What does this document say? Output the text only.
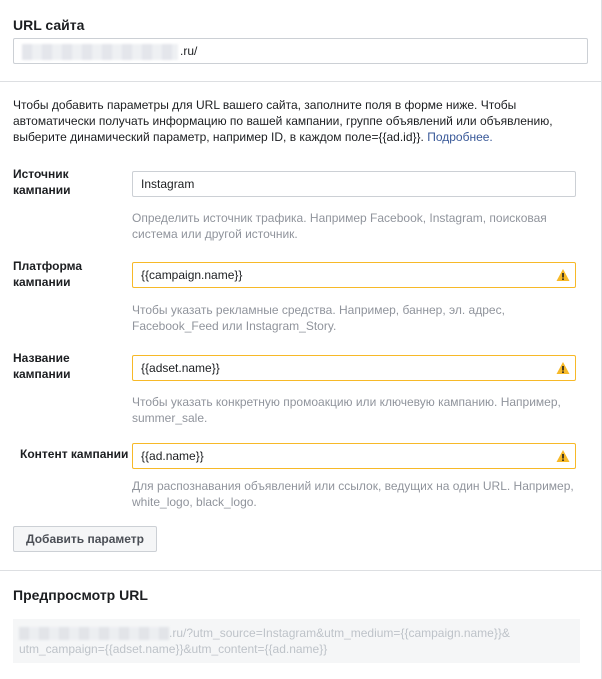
URL сайта
.ru/
Чтобы добавить параметры для URL вашего сайта, заполните поля в форме ниже. Чтобы автоматически получать информацию по вашей кампании, группе объявлений или объявлению, выберите динамический параметр, например ID, в каждом поле={{ad.id}}. Подробнее.
Источник кампании	Instagram
Определить источник трафика. Например Facebook, Instagram, поисковая система или другой источник.
Платформа кампании	{{campaign.name}}
Чтобы указать рекламные средства. Например, баннер, эл. адрес, Facebook_Feed или Instagram_Story.
Название кампании	{{adset.name}}
Чтобы указать конкретную промоакцию или ключевую кампанию. Например, summer_sale.
Контент кампании {{ad.name}}
Для распознавания объявлений или ссылок, ведущих на один URL. Например, white_logo, black_logo.
Добавить параметр
Предпросмотр URL
.ru/?utm_source=Instagram&utm_medium={{campaign.name}}&
utm_campaign={{adset.name}}&utm_content={{ad.name}}
